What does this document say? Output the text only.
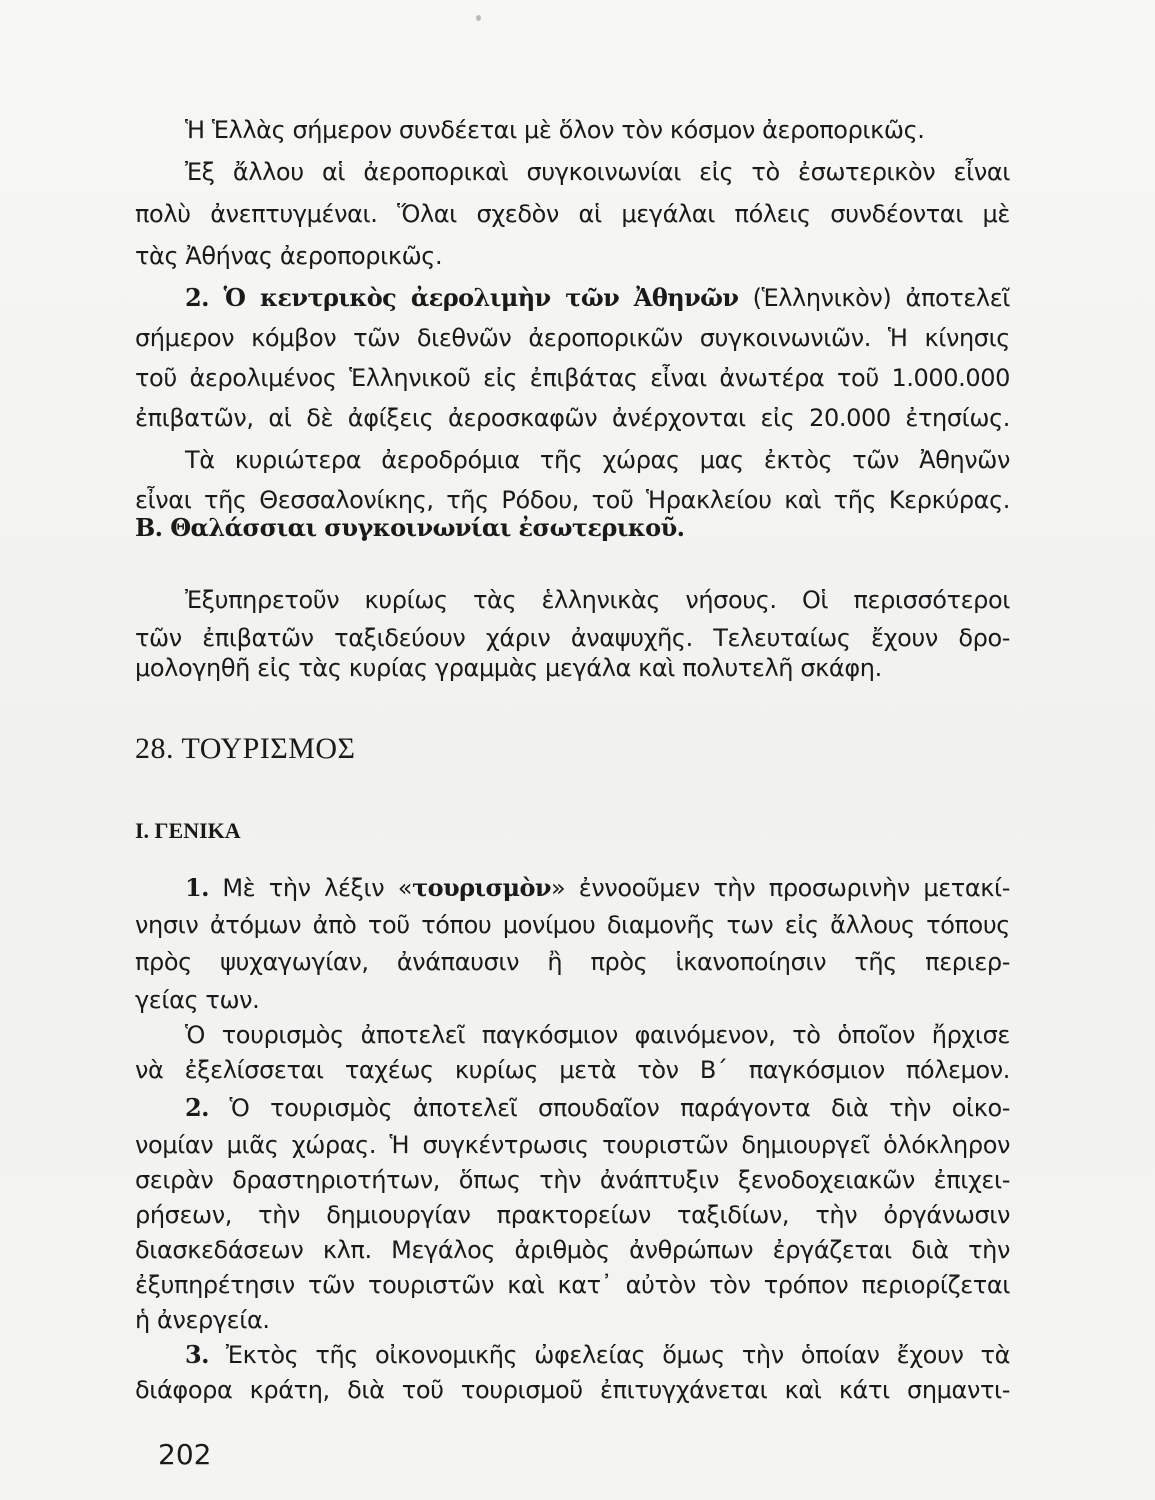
Ἡ Ἑλλὰς σήμερον συνδέεται μὲ ὅλον τὸν κόσμον ἀεροπορικῶς.
Ἐξ ἄλλου αἱ ἀεροπορικαὶ συγκοινωνίαι εἰς τὸ ἐσωτερικὸν εἶναι
πολὺ ἀνεπτυγμέναι. Ὅλαι σχεδὸν αἱ μεγάλαι πόλεις συνδέονται μὲ
τὰς Ἀθήνας ἀεροπορικῶς.
2. Ὁ κεντρικὸς ἀερολιμὴν τῶν Ἀθηνῶν (Ἑλληνικὸν) ἀποτελεῖ
σήμερον κόμβον τῶν διεθνῶν ἀεροπορικῶν συγκοινωνιῶν. Ἡ κίνησις
τοῦ ἀερολιμένος Ἑλληνικοῦ εἰς ἐπιβάτας εἶναι ἀνωτέρα τοῦ 1.000.000
ἐπιβατῶν, αἱ δὲ ἀφίξεις ἀεροσκαφῶν ἀνέρχονται εἰς 20.000 ἐτησίως.
Τὰ κυριώτερα ἀεροδρόμια τῆς χώρας μας ἐκτὸς τῶν Ἀθηνῶν
εἶναι τῆς Θεσσαλονίκης, τῆς Ρόδου, τοῦ Ἡρακλείου καὶ τῆς Κερκύρας.
Ἐξυπηρετοῦν κυρίως τὰς ἑλληνικὰς νήσους. Οἱ περισσότεροι
τῶν ἐπιβατῶν ταξιδεύουν χάριν ἀναψυχῆς. Τελευταίως ἔχουν δρο-
μολογηθῆ εἰς τὰς κυρίας γραμμὰς μεγάλα καὶ πολυτελῆ σκάφη.
1. Μὲ τὴν λέξιν «τουρισμὸν» ἐννοοῦμεν τὴν προσωρινὴν μετακί-
νησιν ἀτόμων ἀπὸ τοῦ τόπου μονίμου διαμονῆς των εἰς ἄλλους τόπους
πρὸς ψυχαγωγίαν, ἀνάπαυσιν ἢ πρὸς ἱκανοποίησιν τῆς περιερ-
γείας των.
Ὁ τουρισμὸς ἀποτελεῖ παγκόσμιον φαινόμενον, τὸ ὁποῖον ἤρχισε
νὰ ἐξελίσσεται ταχέως κυρίως μετὰ τὸν Β΄ παγκόσμιον πόλεμον.
2. Ὁ τουρισμὸς ἀποτελεῖ σπουδαῖον παράγοντα διὰ τὴν οἰκο-
νομίαν μιᾶς χώρας. Ἡ συγκέντρωσις τουριστῶν δημιουργεῖ ὁλόκληρον
σειρὰν δραστηριοτήτων, ὅπως τὴν ἀνάπτυξιν ξενοδοχειακῶν ἐπιχει-
ρήσεων, τὴν δημιουργίαν πρακτορείων ταξιδίων, τὴν ὀργάνωσιν
διασκεδάσεων κλπ. Μεγάλος ἀριθμὸς ἀνθρώπων ἐργάζεται διὰ τὴν
ἐξυπηρέτησιν τῶν τουριστῶν καὶ κατ᾽ αὐτὸν τὸν τρόπον περιορίζεται
ἡ ἀνεργεία.
3. Ἐκτὸς τῆς οἰκονομικῆς ὠφελείας ὅμως τὴν ὁποίαν ἔχουν τὰ
διάφορα κράτη, διὰ τοῦ τουρισμοῦ ἐπιτυγχάνεται καὶ κάτι σημαντι-
Β. Θαλάσσιαι συγκοινωνίαι ἐσωτερικοῦ.
28. ΤΟΥΡΙΣΜΟΣ
Ι. ΓΕΝΙΚΑ
202
